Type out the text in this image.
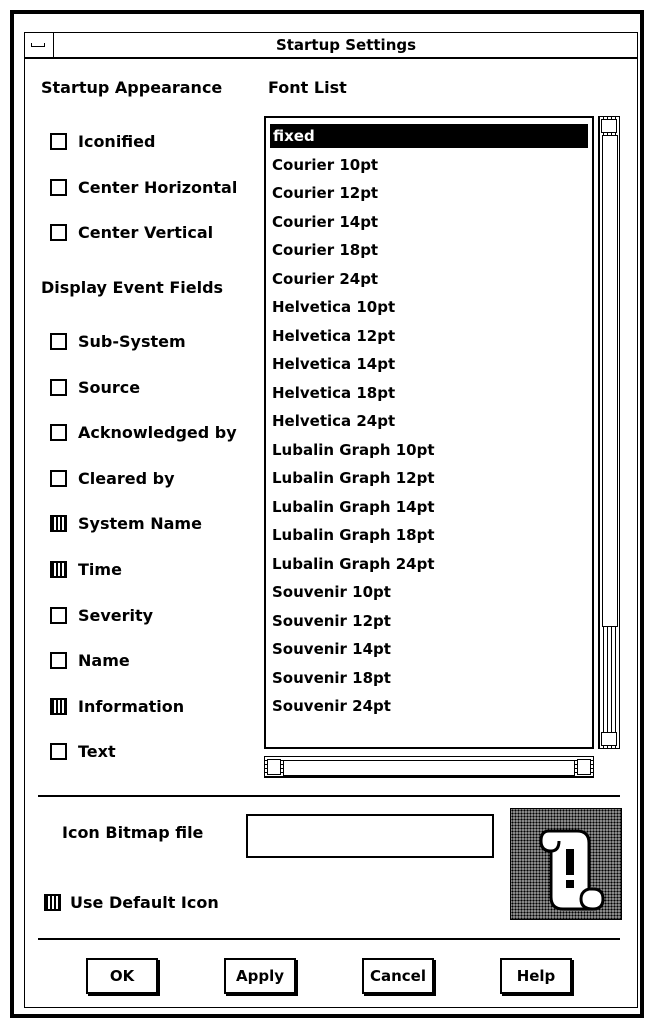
Startup Settings
Startup Appearance
Iconified
Center Horizontal
Center Vertical
Display Event Fields
Sub-System
Source
Acknowledged by
Cleared by
System Name
Time
Severity
Name
Information
Text
Font List
fixed
Courier 10pt
Courier 12pt
Courier 14pt
Courier 18pt
Courier 24pt
Helvetica 10pt
Helvetica 12pt
Helvetica 14pt
Helvetica 18pt
Helvetica 24pt
Lubalin Graph 10pt
Lubalin Graph 12pt
Lubalin Graph 14pt
Lubalin Graph 18pt
Lubalin Graph 24pt
Souvenir 10pt
Souvenir 12pt
Souvenir 14pt
Souvenir 18pt
Souvenir 24pt
Icon Bitmap file
Use Default Icon
OK	Apply	Cancel	Help
